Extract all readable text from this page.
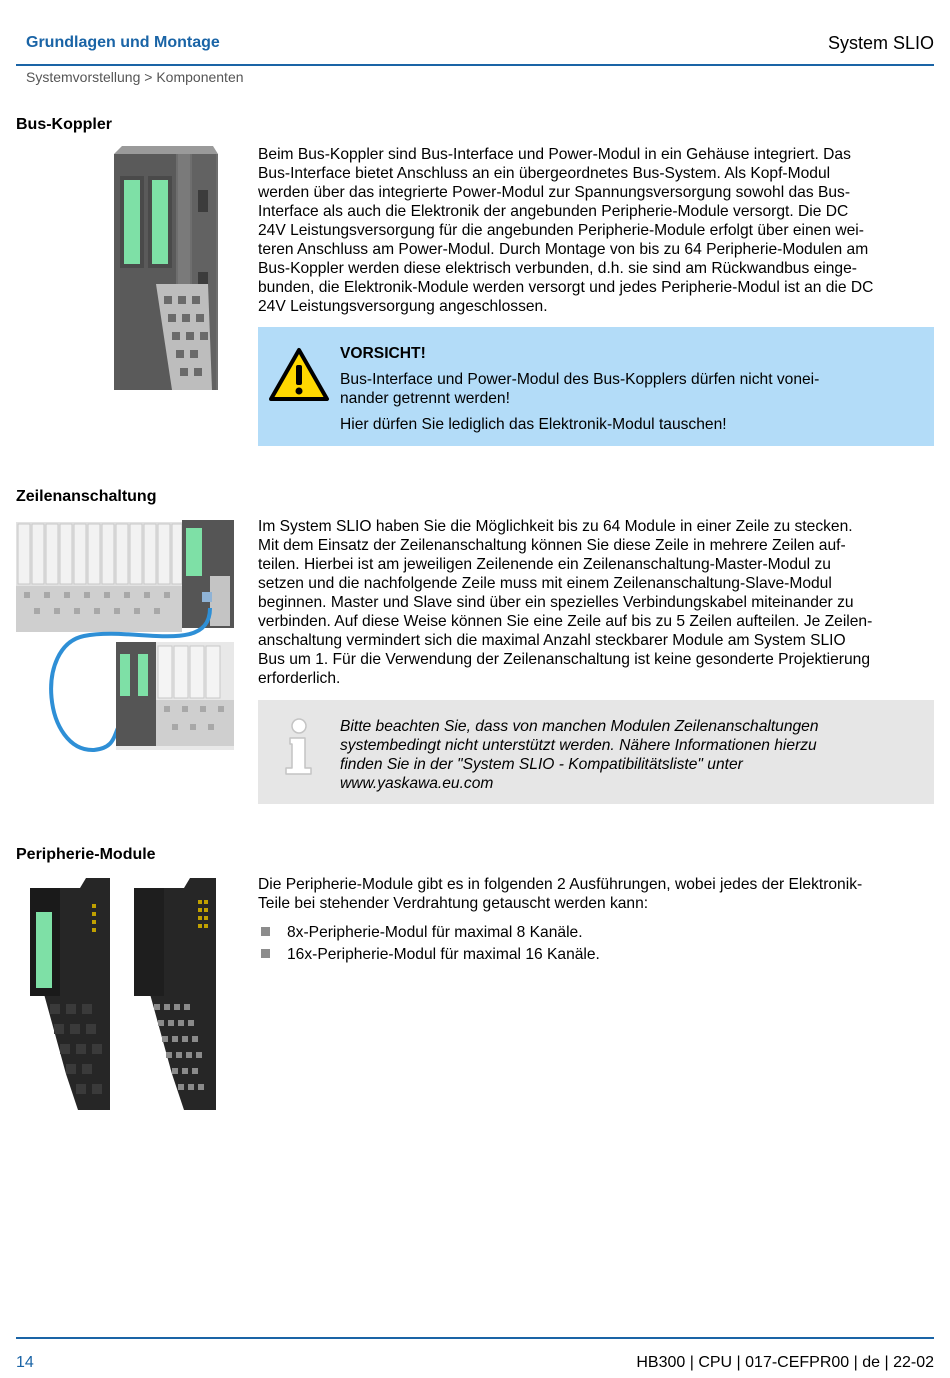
Grundlagen und Montage	System SLIO
Systemvorstellung > Komponenten
Bus-Koppler
Beim Bus-Koppler sind Bus-Interface und Power-Modul in ein Gehäuse integriert. Das
Bus-Interface bietet Anschluss an ein übergeordnetes Bus-System. Als Kopf-Modul
werden über das integrierte Power-Modul zur Spannungsversorgung sowohl das Bus-
Interface als auch die Elektronik der angebunden Peripherie-Module versorgt. Die DC
24V Leistungsversorgung für die angebunden Peripherie-Module erfolgt über einen wei-
teren Anschluss am Power-Modul. Durch Montage von bis zu 64 Peripherie-Modulen am
Bus-Koppler werden diese elektrisch verbunden, d.h. sie sind am Rückwandbus einge-
bunden, die Elektronik-Module werden versorgt und jedes Peripherie-Modul ist an die DC
24V Leistungsversorgung angeschlossen.
VORSICHT!
Bus-Interface und Power-Modul des Bus-Kopplers dürfen nicht vonei-
nander getrennt werden!
Hier dürfen Sie lediglich das Elektronik-Modul tauschen!
Zeilenanschaltung
Im System SLIO haben Sie die Möglichkeit bis zu 64 Module in einer Zeile zu stecken.
Mit dem Einsatz der Zeilenanschaltung können Sie diese Zeile in mehrere Zeilen auf-
teilen. Hierbei ist am jeweiligen Zeilenende ein Zeilenanschaltung-Master-Modul zu
setzen und die nachfolgende Zeile muss mit einem Zeilenanschaltung-Slave-Modul
beginnen. Master und Slave sind über ein spezielles Verbindungskabel miteinander zu
verbinden. Auf diese Weise können Sie eine Zeile auf bis zu 5 Zeilen aufteilen. Je Zeilen-
anschaltung vermindert sich die maximal Anzahl steckbarer Module am System SLIO
Bus um 1. Für die Verwendung der Zeilenanschaltung ist keine gesonderte Projektierung
erforderlich.
Bitte beachten Sie, dass von manchen Modulen Zeilenanschaltungen
systembedingt nicht unterstützt werden. Nähere Informationen hierzu
finden Sie in der "System SLIO - Kompatibilitätsliste" unter
www.yaskawa.eu.com
Peripherie-Module
Die Peripherie-Module gibt es in folgenden 2 Ausführungen, wobei jedes der Elektronik-
Teile bei stehender Verdrahtung getauscht werden kann:
8x-Peripherie-Modul für maximal 8 Kanäle.
16x-Peripherie-Modul für maximal 16 Kanäle.
14	HB300 | CPU | 017-CEFPR00 | de | 22-02
